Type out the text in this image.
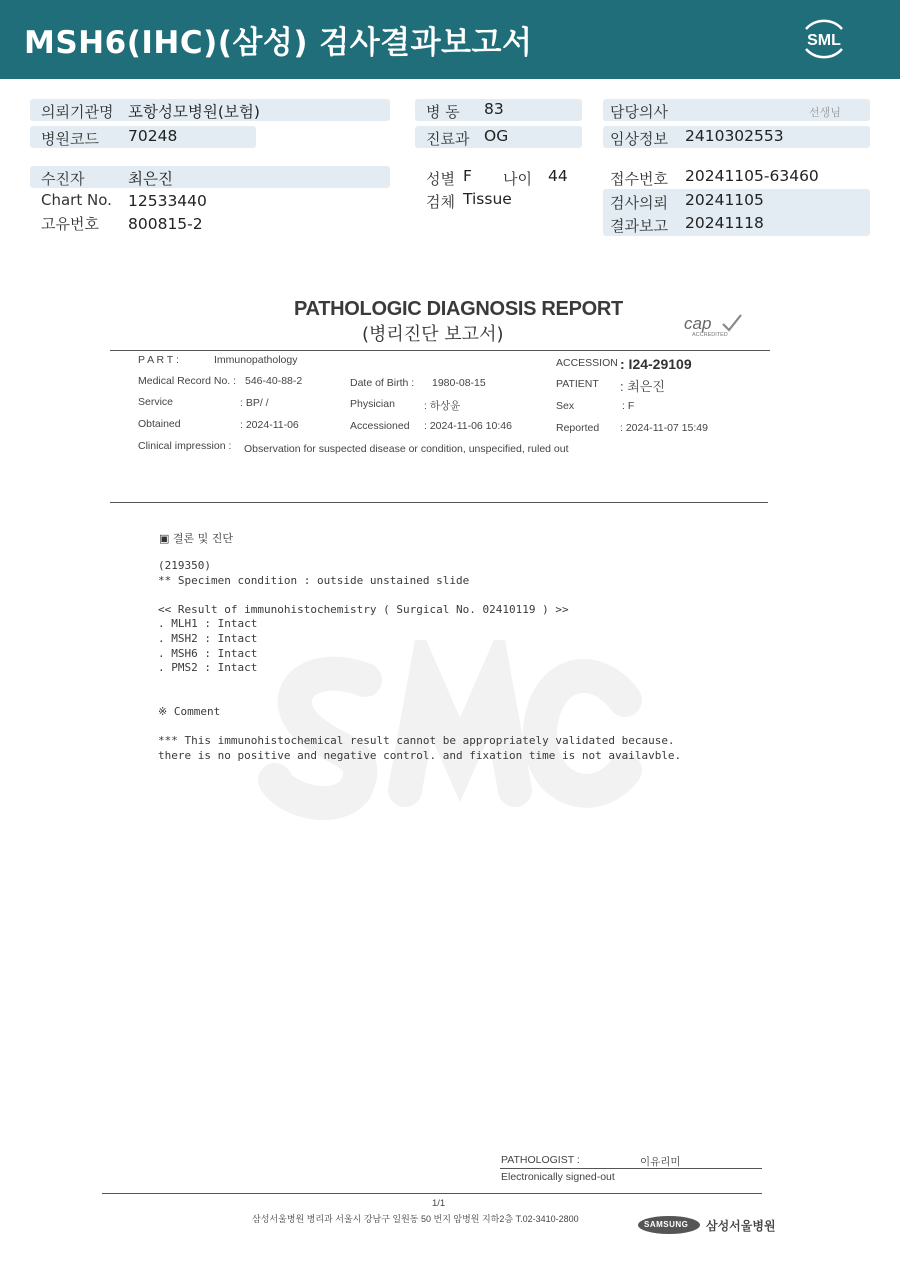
MSH6(IHC)(삼성) 검사결과보고서	SML
의뢰기관명 포항성모병원(보험)
병원코드 70248
수진자	최은진
Chart No. 12533440
고유번호 800815-2
병 동 83
진료과 OG
성별 F 나이 44
검체 Tissue
담당의사	선생님
임상정보 2410302553
접수번호 20241105-63460
검사의뢰 20241105
결과보고 20241118
PATHOLOGIC DIAGNOSIS REPORT
(병리진단 보고서)
cap
ACCREDITED
P A R T :	Immunopathology
Medical Record No. : 546-40-88-2
Service	: BP/ /
Obtained	: 2024-11-06
Clinical impression : Observation for suspected disease or condition, unspecified, ruled out
Date of Birth : 1980-08-15
Physician	: 하상윤
Accessioned : 2024-11-06 10:46
ACCESSION : I24-29109
PATIENT : 최은진
Sex	: F
Reported : 2024-11-07 15:49
▣ 결론 및 진단
(219350)
** Specimen condition : outside unstained slide
<< Result of immunohistochemistry ( Surgical No. 02410119 ) >>
. MLH1 : Intact
. MSH2 : Intact
. MSH6 : Intact
. PMS2 : Intact
※ Comment
*** This immunohistochemical result cannot be appropriately validated because.
there is no positive and negative control. and fixation time is not availavble.
PATHOLOGIST :	이유리미
Electronically signed-out
1/1
삼성서울병원 병리과 서울시 강남구 일원동 50 번지 암병원 지하2층 T.02-3410-2800
SAMSUNG 삼성서울병원
